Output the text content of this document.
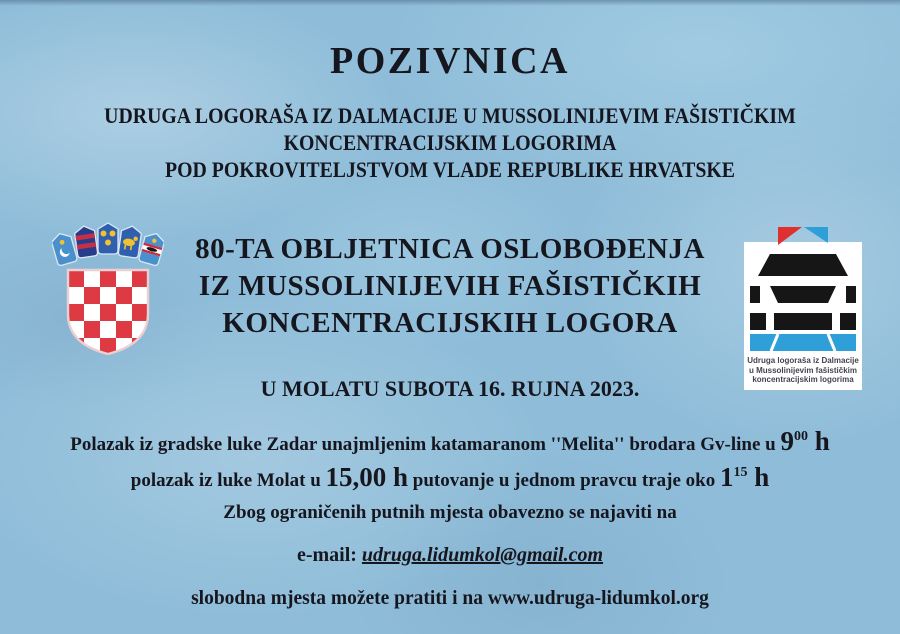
POZIVNICA
UDRUGA LOGORAŠA IZ DALMACIJE U MUSSOLINIJEVIM FAŠISTIČKIM
KONCENTRACIJSKIM LOGORIMA
POD POKROVITELJSTVOM VLADE REPUBLIKE HRVATSKE
80-TA OBLJETNICA OSLOBOĐENJA
IZ MUSSOLINIJEVIH FAŠISTIČKIH
KONCENTRACIJSKIH LOGORA
Udruga logoraša iz Dalmacije
u Mussolinijevim fašističkim
koncentracijskim logorima
U MOLATU SUBOTA 16. RUJNA 2023.
Polazak iz gradske luke Zadar unajmljenim katamaranom ''Melita'' brodara Gv-line u $9^{00}$ h
polazak iz luke Molat u 15,00 h putovanje u jednom pravcu traje oko $1^{15}$ h
Zbog ograničenih putnih mjesta obavezno se najaviti na
e-mail: udruga.lidumkol@gmail.com
slobodna mjesta možete pratiti i na www.udruga-lidumkol.org
